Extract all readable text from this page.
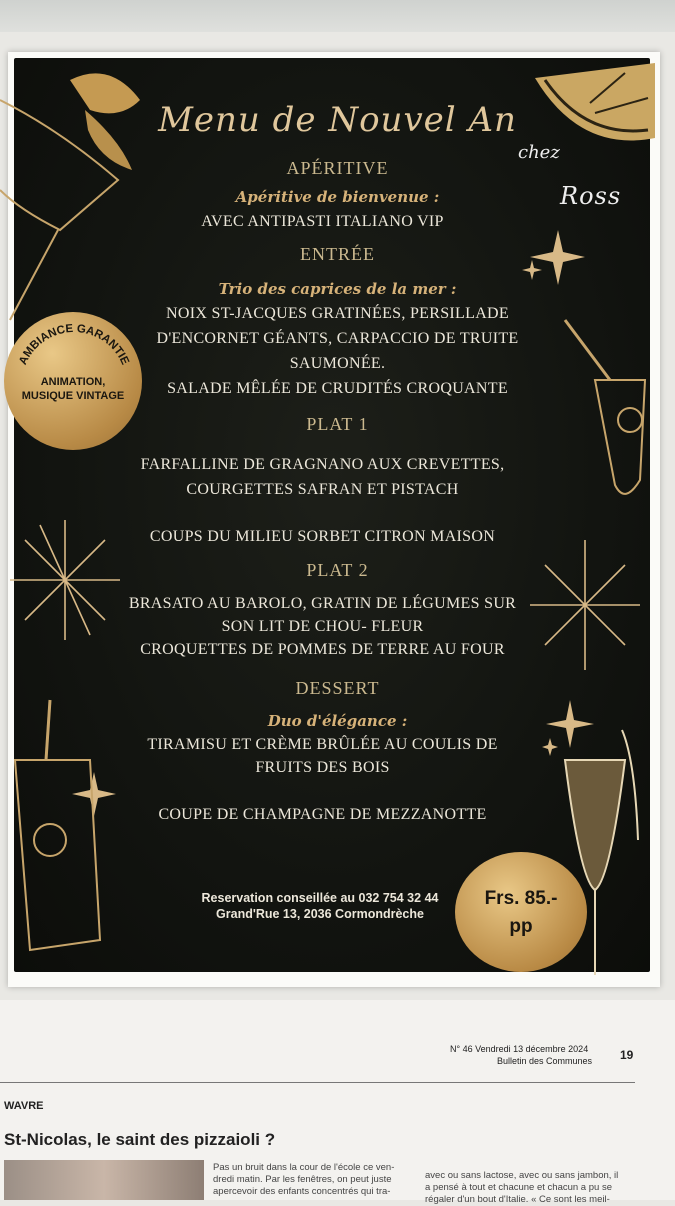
Menu de Nouvel An
chez
Ross
APÉRITIVE
Apéritive de bienvenue :
AVEC ANTIPASTI ITALIANO VIP
ENTRÉE
Trio des caprices de la mer :
NOIX ST-JACQUES GRATINÉES, PERSILLADE
D'ENCORNET GÉANTS, CARPACCIO DE TRUITE
SAUMONÉE.
SALADE MÊLÉE DE CRUDITÉS CROQUANTE
PLAT 1
FARFALLINE DE GRAGNANO AUX CREVETTES,
COURGETTES SAFRAN ET PISTACH
COUPS DU MILIEU SORBET CITRON MAISON
PLAT 2
BRASATO AU BAROLO, GRATIN DE LÉGUMES SUR
SON LIT DE CHOU- FLEUR
CROQUETTES DE POMMES DE TERRE AU FOUR
DESSERT
Duo d'élégance :
TIRAMISU ET CRÈME BRÛLÉE AU COULIS DE
FRUITS DES BOIS
COUPE DE CHAMPAGNE DE MEZZANOTTE
AMBIANCE GARANTIE
ANIMATION,
MUSIQUE VINTAGE
Reservation conseillée au 032 754 32 44
Grand'Rue 13, 2036 Cormondrèche
Frs. 85.-
pp
N° 46 Vendredi 13 décembre 2024
Bulletin des Communes 19
WAVRE
St-Nicolas, le saint des pizzaioli ?
Pas un bruit dans la cour de l'école ce ven-
dredi matin. Par les fenêtres, on peut juste
apercevoir des enfants concentrés qui tra-
avec ou sans lactose, avec ou sans jambon, il
a pensé à tout et chacune et chacun a pu se
régaler d'un bout d'Italie. « Ce sont les meil-
